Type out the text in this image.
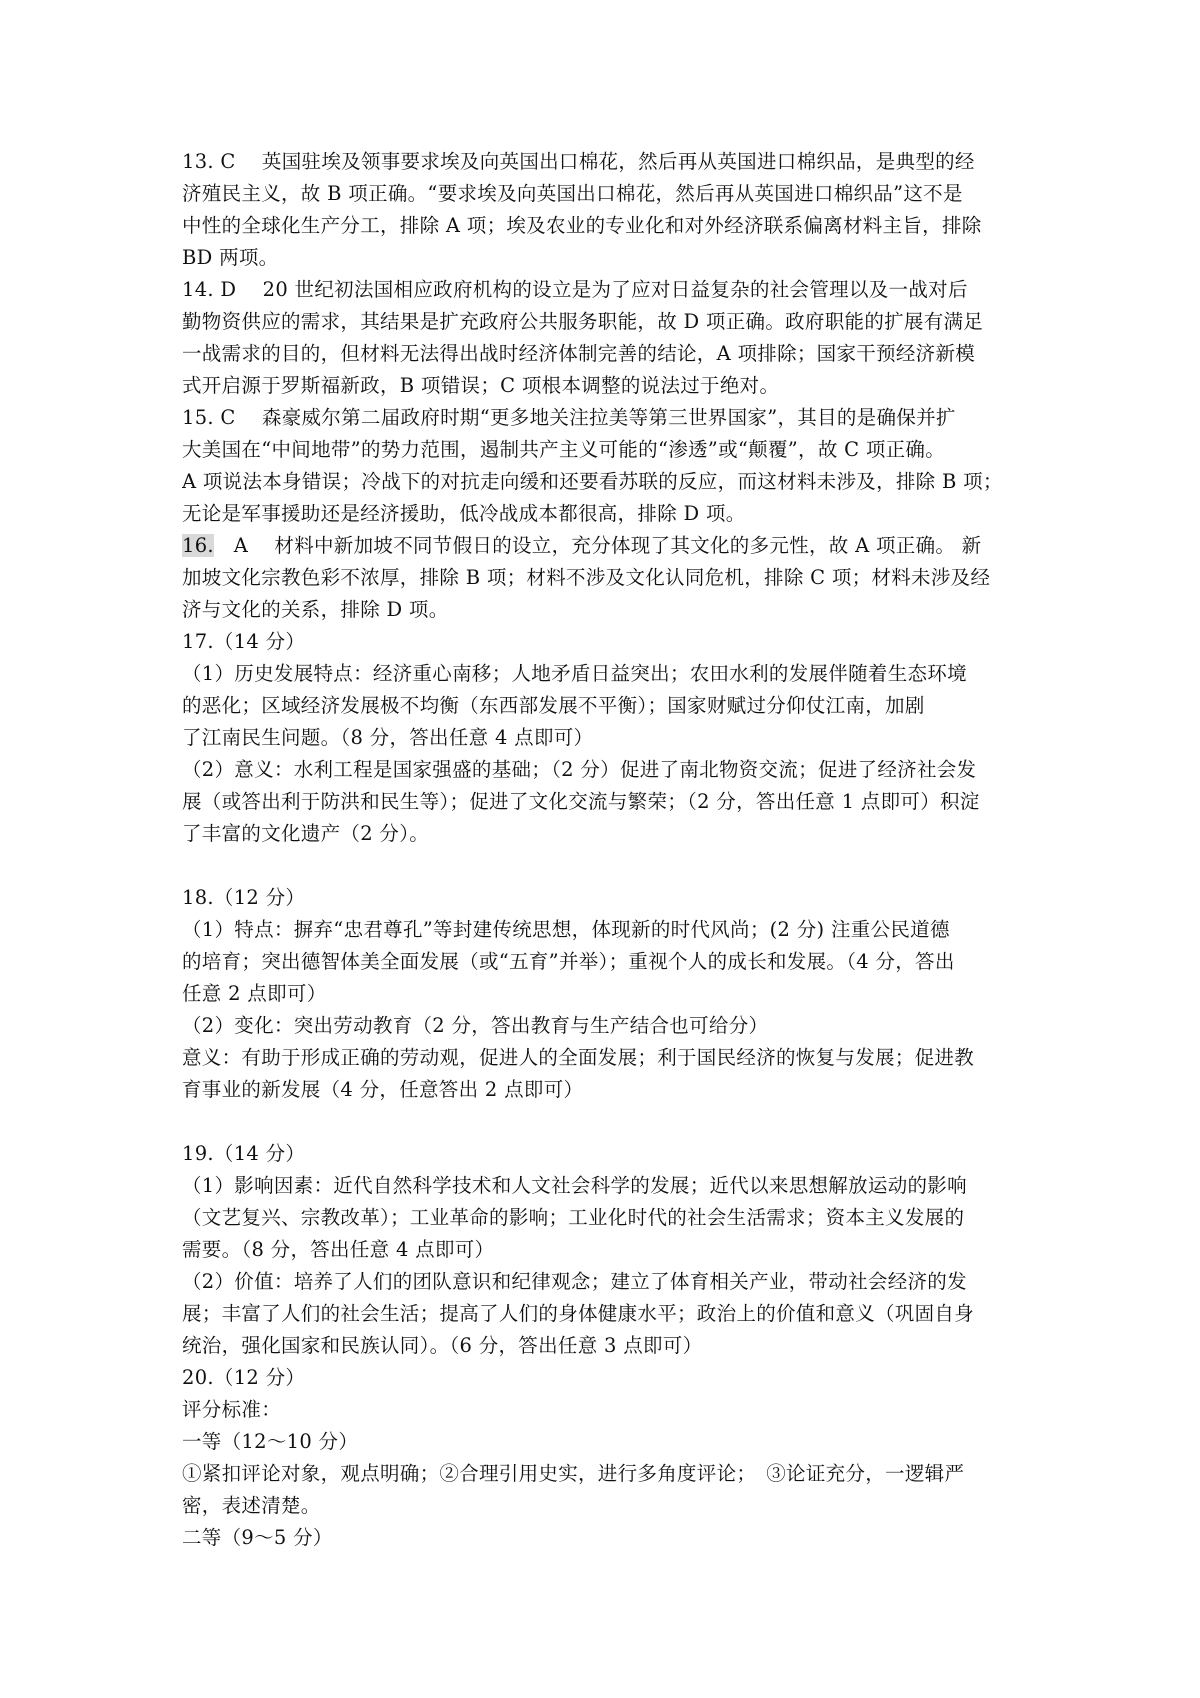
13. C　 英国驻埃及领事要求埃及向英国出口棉花，然后再从英国进口棉织品，是典型的经
济殖民主义，故 B 项正确。“要求埃及向英国出口棉花，然后再从英国进口棉织品”这不是
中性的全球化生产分工，排除 A 项；埃及农业的专业化和对外经济联系偏离材料主旨，排除
BD 两项。
14. D　 20 世纪初法国相应政府机构的设立是为了应对日益复杂的社会管理以及一战对后
勤物资供应的需求，其结果是扩充政府公共服务职能，故 D 项正确。政府职能的扩展有满足
一战需求的目的，但材料无法得出战时经济体制完善的结论，A 项排除；国家干预经济新模
式开启源于罗斯福新政，B 项错误；C 项根本调整的说法过于绝对。
15. C　 森豪威尔第二届政府时期“更多地关注拉美等第三世界国家”，其目的是确保并扩
大美国在“中间地带”的势力范围，遏制共产主义可能的“渗透”或“颠覆”，故 C 项正确。
A 项说法本身错误；冷战下的对抗走向缓和还要看苏联的反应，而这材料未涉及，排除 B 项；
无论是军事援助还是经济援助，低冷战成本都很高，排除 D 项。
16.　A　 材料中新加坡不同节假日的设立，充分体现了其文化的多元性，故 A 项正确。 新
加坡文化宗教色彩不浓厚，排除 B 项；材料不涉及文化认同危机，排除 C 项；材料未涉及经
济与文化的关系，排除 D 项。
17.（14 分）
（1）历史发展特点：经济重心南移；人地矛盾日益突出；农田水利的发展伴随着生态环境
的恶化；区域经济发展极不均衡（东西部发展不平衡）；国家财赋过分仰仗江南，加剧
了江南民生问题。（8 分，答出任意 4 点即可）
（2）意义：水利工程是国家强盛的基础；（2 分）促进了南北物资交流；促进了经济社会发
展（或答出利于防洪和民生等）；促进了文化交流与繁荣；（2 分，答出任意 1 点即可）积淀
了丰富的文化遗产（2 分）。
18.（12 分）
（1）特点：摒弃“忠君尊孔”等封建传统思想，体现新的时代风尚；(2 分) 注重公民道德
的培育；突出德智体美全面发展（或“五育”并举）；重视个人的成长和发展。（4 分，答出
任意 2 点即可）
（2）变化：突出劳动教育（2 分，答出教育与生产结合也可给分）
意义：有助于形成正确的劳动观，促进人的全面发展；利于国民经济的恢复与发展；促进教
育事业的新发展（4 分，任意答出 2 点即可）
19.（14 分）
（1）影响因素：近代自然科学技术和人文社会科学的发展；近代以来思想解放运动的影响
（文艺复兴、宗教改革）；工业革命的影响；工业化时代的社会生活需求；资本主义发展的
需要。（8 分，答出任意 4 点即可）
（2）价值：培养了人们的团队意识和纪律观念；建立了体育相关产业，带动社会经济的发
展；丰富了人们的社会生活；提高了人们的身体健康水平；政治上的价值和意义（巩固自身
统治，强化国家和民族认同）。（6 分，答出任意 3 点即可）
20.（12 分）
评分标准：
一等（12～10 分）
①紧扣评论对象，观点明确；②合理引用史实，进行多角度评论；　③论证充分，一逻辑严
密，表述清楚。
二等（9～5 分）
